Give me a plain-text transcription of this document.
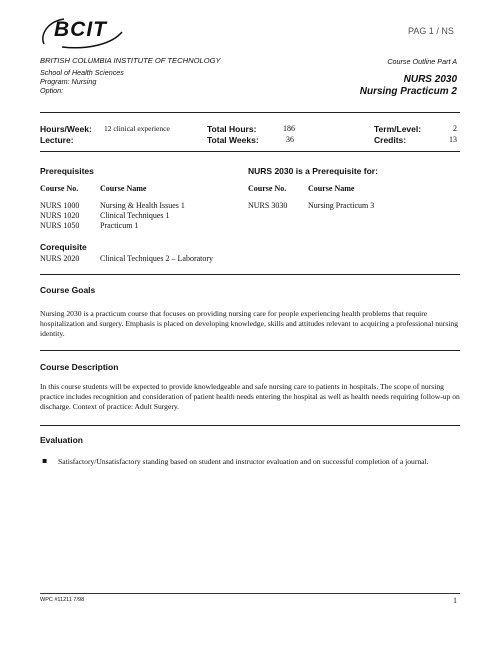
BCIT	PAG 1 / NS
BRITISH COLUMBIA INSTITUTE OF TECHNOLOGY
School of Health Sciences
Program: Nursing
Option:
Course Outline Part A
NURS 2030
Nursing Practicum 2
Hours/Week: 12 clinical experience
Lecture:
Total Hours:	186
Total Weeks:	36
Term/Level:	2
Credits:	13
Prerequisites
Course No.	Course Name
NURS 1000	Nursing & Health Issues 1
NURS 1020	Clinical Techniques 1
NURS 1050	Practicum 1
NURS 2030 is a Prerequisite for:
Course No.	Course Name
NURS 3030	Nursing Practicum 3
Corequisite
NURS 2020	Clinical Techniques 2 – Laboratory
Course Goals
Nursing 2030 is a practicum course that focuses on providing nursing care for people experiencing health problems that require hospitalization and surgery. Emphasis is placed on developing knowledge, skills and attitudes relevant to acquiring a professional nursing identity.
Course Description
In this course students will be expected to provide knowledgeable and safe nursing care to patients in hospitals. The scope of nursing practice includes recognition and consideration of patient health needs entering the hospital as well as health needs requiring follow-up on discharge. Context of practice: Adult Surgery.
Evaluation
▪ Satisfactory/Unsatisfactory standing based on student and instructor evaluation and on successful completion of a journal.
WPC #11211 7/98	1
